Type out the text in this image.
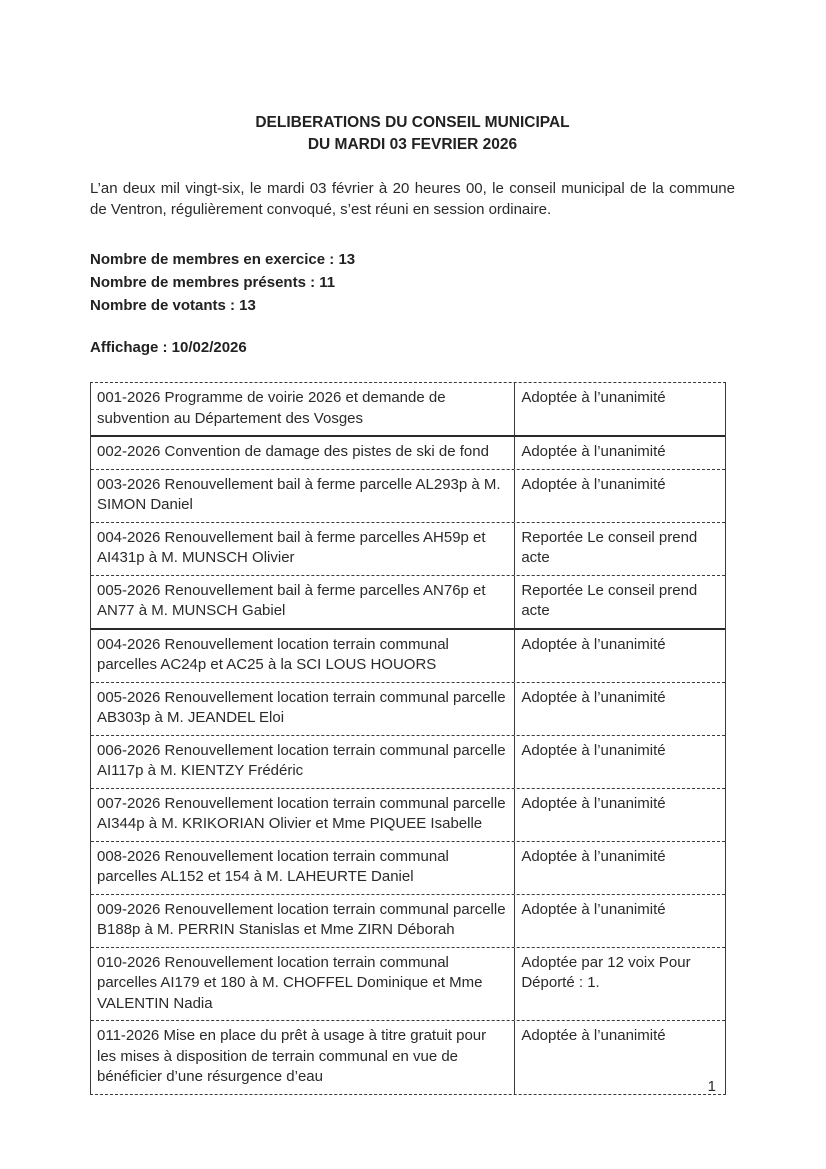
DELIBERATIONS DU CONSEIL MUNICIPAL
DU MARDI 03 FEVRIER 2026
L’an deux mil vingt-six, le mardi 03 février à 20 heures 00, le conseil municipal de la commune de Ventron, régulièrement convoqué, s’est réuni en session ordinaire.
Nombre de membres en exercice : 13
Nombre de membres présents : 11
Nombre de votants : 13
Affichage : 10/02/2026
001-2026 Programme de voirie 2026 et demande de subvention au Département des Vosges
Adoptée à l’unanimité
002-2026 Convention de damage des pistes de ski de fond	Adoptée à l’unanimité
003-2026 Renouvellement bail à ferme parcelle AL293p à M. SIMON Daniel
Adoptée à l’unanimité
004-2026 Renouvellement bail à ferme parcelles AH59p et AI431p à M. MUNSCH Olivier
Reportée Le conseil prend acte
005-2026 Renouvellement bail à ferme parcelles AN76p et AN77 à M. MUNSCH Gabiel
Reportée Le conseil prend acte
004-2026 Renouvellement location terrain communal parcelles AC24p et AC25 à la SCI LOUS HOUORS
Adoptée à l’unanimité
005-2026 Renouvellement location terrain communal parcelle AB303p à M. JEANDEL Eloi
Adoptée à l’unanimité
006-2026 Renouvellement location terrain communal parcelle AI117p à M. KIENTZY Frédéric
Adoptée à l’unanimité
007-2026 Renouvellement location terrain communal parcelle AI344p à M. KRIKORIAN Olivier et Mme PIQUEE Isabelle
Adoptée à l’unanimité
008-2026 Renouvellement location terrain communal parcelles AL152 et 154 à M. LAHEURTE Daniel
Adoptée à l’unanimité
009-2026 Renouvellement location terrain communal parcelle B188p à M. PERRIN Stanislas et Mme ZIRN Déborah
Adoptée à l’unanimité
010-2026 Renouvellement location terrain communal parcelles AI179 et 180 à M. CHOFFEL Dominique et Mme VALENTIN Nadia
Adoptée par 12 voix Pour Déporté : 1.
011-2026 Mise en place du prêt à usage à titre gratuit pour les mises à disposition de terrain communal en vue de bénéficier d’une résurgence d’eau
Adoptée à l’unanimité
1
